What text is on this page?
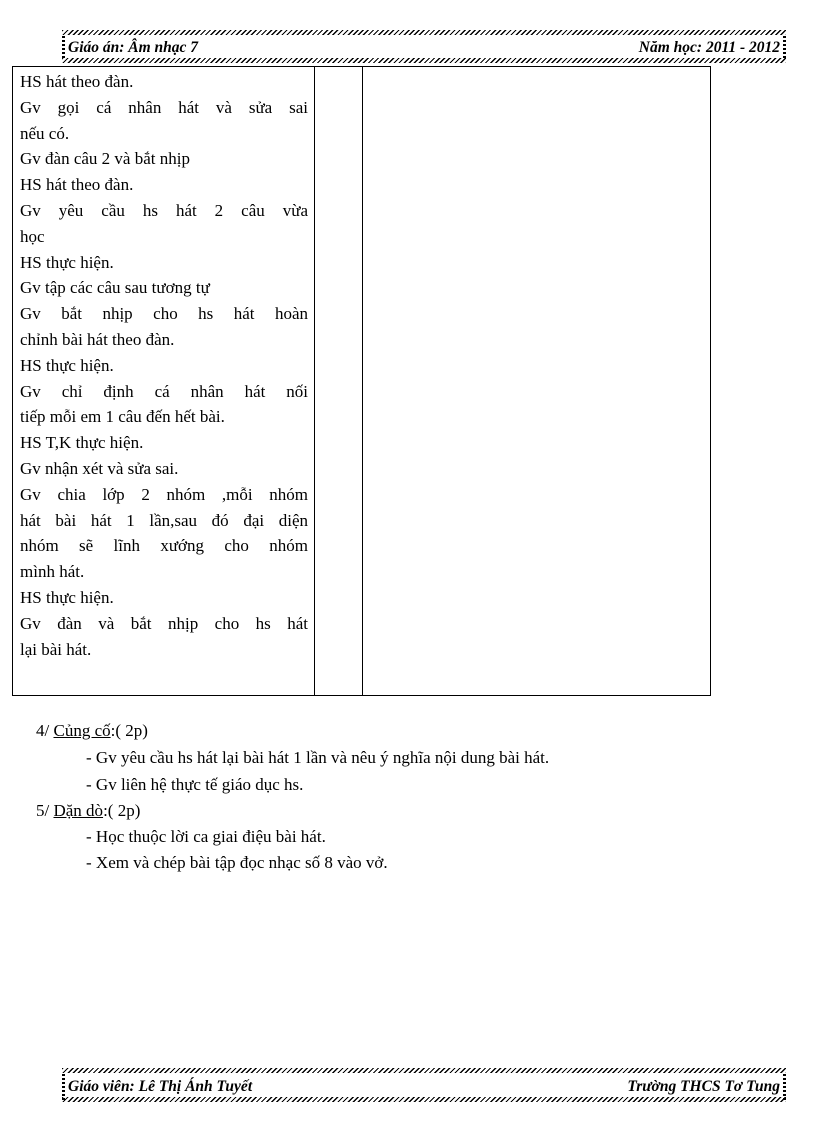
Giáo án: Âm nhạc 7	Năm học: 2011 - 2012
HS hát theo đàn.
Gv gọi cá nhân hát và sửa sai
nếu có.
Gv đàn câu 2 và bắt nhịp
HS hát theo đàn.
Gv yêu cầu hs hát 2 câu vừa
học
HS thực hiện.
Gv tập các câu sau tương tự
Gv bắt nhịp cho hs hát hoàn
chỉnh bài hát theo đàn.
HS thực hiện.
Gv chỉ định cá nhân hát nối
tiếp mỗi em 1 câu đến hết bài.
HS T,K thực hiện.
Gv nhận xét và sửa sai.
Gv chia lớp 2 nhóm ,mỗi nhóm
hát bài hát 1 lần,sau đó đại diện
nhóm sẽ lĩnh xướng cho nhóm
mình hát.
HS thực hiện.
Gv đàn và bắt nhịp cho hs hát
lại bài hát.

4/ Củng cố:( 2p)
- Gv yêu cầu hs hát lại bài hát 1 lần và nêu ý nghĩa nội dung bài hát.
- Gv liên hệ thực tế giáo dục hs.
5/ Dặn dò:( 2p)
- Học thuộc lời ca giai điệu bài hát.
- Xem và chép bài tập đọc nhạc số 8 vào vở.
Giáo viên: Lê Thị Ánh Tuyết	Trường THCS Tơ Tung
